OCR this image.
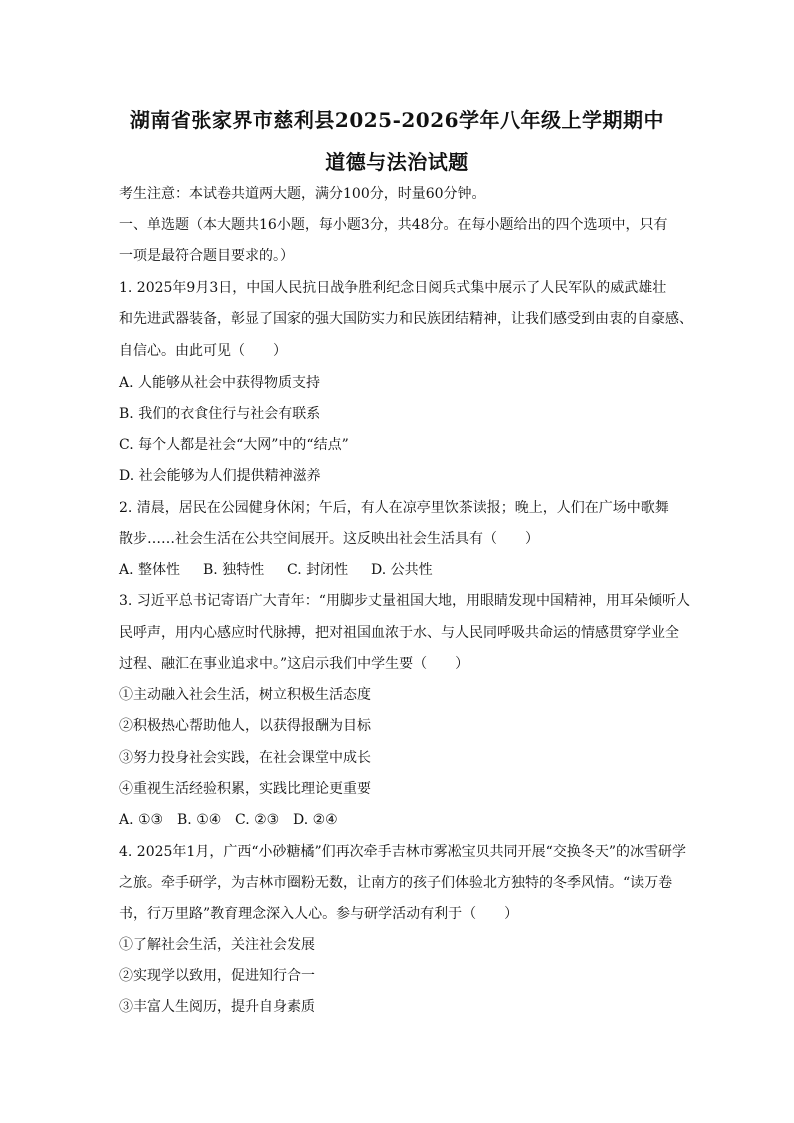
湖南省张家界市慈利县2025-2026学年八年级上学期期中
道德与法治试题
考生注意：本试卷共道两大题，满分100分，时量60分钟。
一、单选题（本大题共16小题，每小题3分，共48分。在每小题给出的四个选项中，只有
一项是最符合题目要求的。）
1. 2025年9月3日，中国人民抗日战争胜利纪念日阅兵式集中展示了人民军队的威武雄壮
和先进武器装备，彰显了国家的强大国防实力和民族团结精神，让我们感受到由衷的自豪感、
自信心。由此可见（　　）
A. 人能够从社会中获得物质支持
B. 我们的衣食住行与社会有联系
C. 每个人都是社会“大网”中的“结点”
D. 社会能够为人们提供精神滋养
2. 清晨，居民在公园健身休闲；午后，有人在凉亭里饮茶读报；晚上，人们在广场中歌舞
散步……社会生活在公共空间展开。这反映出社会生活具有（　　）
A. 整体性 B. 独特性 C. 封闭性 D. 公共性
3. 习近平总书记寄语广大青年：“用脚步丈量祖国大地，用眼睛发现中国精神，用耳朵倾听人
民呼声，用内心感应时代脉搏，把对祖国血浓于水、与人民同呼吸共命运的情感贯穿学业全
过程、融汇在事业追求中。”这启示我们中学生要（　　）
①主动融入社会生活，树立积极生活态度
②积极热心帮助他人，以获得报酬为目标
③努力投身社会实践，在社会课堂中成长
④重视生活经验积累，实践比理论更重要
A. ①③ B. ①④ C. ②③ D. ②④
4. 2025年1月，广西“小砂糖橘”们再次牵手吉林市雾凇宝贝共同开展“交换冬天”的冰雪研学
之旅。牵手研学，为吉林市圈粉无数，让南方的孩子们体验北方独特的冬季风情。“读万卷
书，行万里路”教育理念深入人心。参与研学活动有利于（　　）
①了解社会生活，关注社会发展
②实现学以致用，促进知行合一
③丰富人生阅历，提升自身素质
